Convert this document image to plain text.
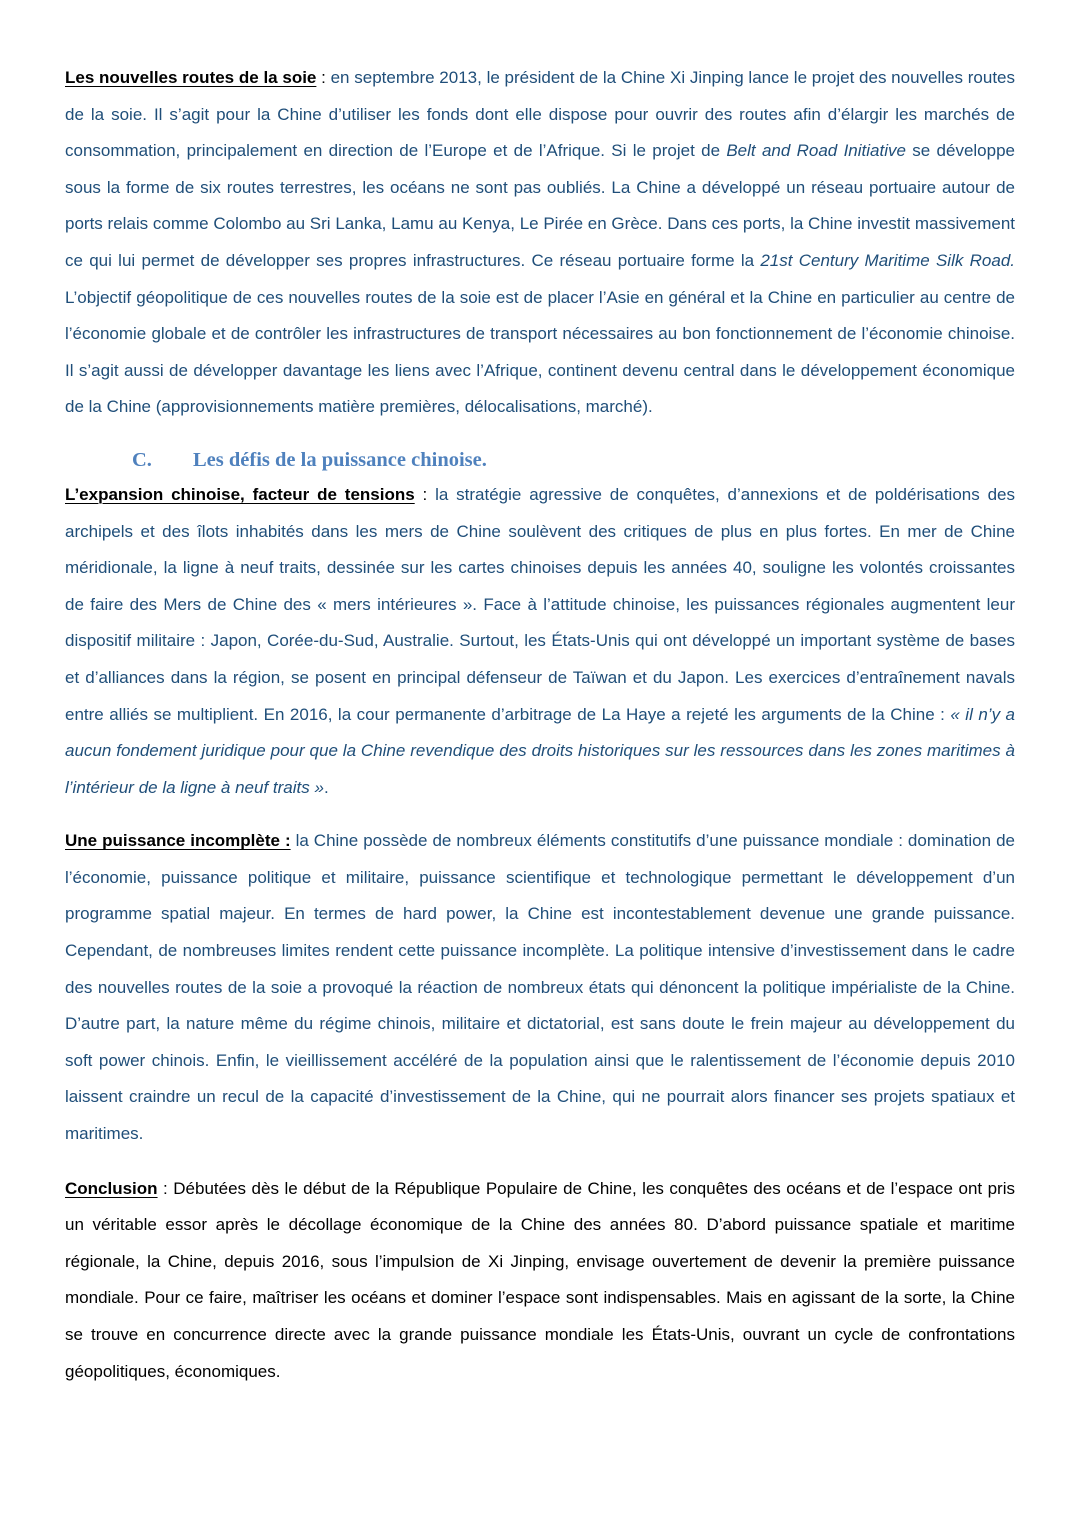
Les nouvelles routes de la soie : en septembre 2013, le président de la Chine Xi Jinping lance le projet des nouvelles routes de la soie. Il s’agit pour la Chine d’utiliser les fonds dont elle dispose pour ouvrir des routes afin d’élargir les marchés de consommation, principalement en direction de l’Europe et de l’Afrique. Si le projet de Belt and Road Initiative se développe sous la forme de six routes terrestres, les océans ne sont pas oubliés. La Chine a développé un réseau portuaire autour de ports relais comme Colombo au Sri Lanka, Lamu au Kenya, Le Pirée en Grèce. Dans ces ports, la Chine investit massivement ce qui lui permet de développer ses propres infrastructures. Ce réseau portuaire forme la 21st Century Maritime Silk Road. L’objectif géopolitique de ces nouvelles routes de la soie est de placer l’Asie en général et la Chine en particulier au centre de l’économie globale et de contrôler les infrastructures de transport nécessaires au bon fonctionnement de l’économie chinoise. Il s’agit aussi de développer davantage les liens avec l’Afrique, continent devenu central dans le développement économique de la Chine (approvisionnements matière premières, délocalisations, marché).

C.	Les défis de la puissance chinoise.

L’expansion chinoise, facteur de tensions : la stratégie agressive de conquêtes, d’annexions et de poldérisations des archipels et des îlots inhabités dans les mers de Chine soulèvent des critiques de plus en plus fortes. En mer de Chine méridionale, la ligne à neuf traits, dessinée sur les cartes chinoises depuis les années 40, souligne les volontés croissantes de faire des Mers de Chine des « mers intérieures ». Face à l’attitude chinoise, les puissances régionales augmentent leur dispositif militaire : Japon, Corée-du-Sud, Australie. Surtout, les États-Unis qui ont développé un important système de bases et d’alliances dans la région, se posent en principal défenseur de Taïwan et du Japon. Les exercices d’entraînement navals entre alliés se multiplient. En 2016, la cour permanente d’arbitrage de La Haye a rejeté les arguments de la Chine : « il n’y a aucun fondement juridique pour que la Chine revendique des droits historiques sur les ressources dans les zones maritimes à l’intérieur de la ligne à neuf traits ».

Une puissance incomplète : la Chine possède de nombreux éléments constitutifs d’une puissance mondiale : domination de l’économie, puissance politique et militaire, puissance scientifique et technologique permettant le développement d’un programme spatial majeur. En termes de hard power, la Chine est incontestablement devenue une grande puissance. Cependant, de nombreuses limites rendent cette puissance incomplète. La politique intensive d’investissement dans le cadre des nouvelles routes de la soie a provoqué la réaction de nombreux états qui dénoncent la politique impérialiste de la Chine. D’autre part, la nature même du régime chinois, militaire et dictatorial, est sans doute le frein majeur au développement du soft power chinois. Enfin, le vieillissement accéléré de la population ainsi que le ralentissement de l’économie depuis 2010 laissent craindre un recul de la capacité d’investissement de la Chine, qui ne pourrait alors financer ses projets spatiaux et maritimes.

Conclusion : Débutées dès le début de la République Populaire de Chine, les conquêtes des océans et de l’espace ont pris un véritable essor après le décollage économique de la Chine des années 80. D’abord puissance spatiale et maritime régionale, la Chine, depuis 2016, sous l’impulsion de Xi Jinping, envisage ouvertement de devenir la première puissance mondiale. Pour ce faire, maîtriser les océans et dominer l’espace sont indispensables. Mais en agissant de la sorte, la Chine se trouve en concurrence directe avec la grande puissance mondiale les États-Unis, ouvrant un cycle de confrontations géopolitiques, économiques.
